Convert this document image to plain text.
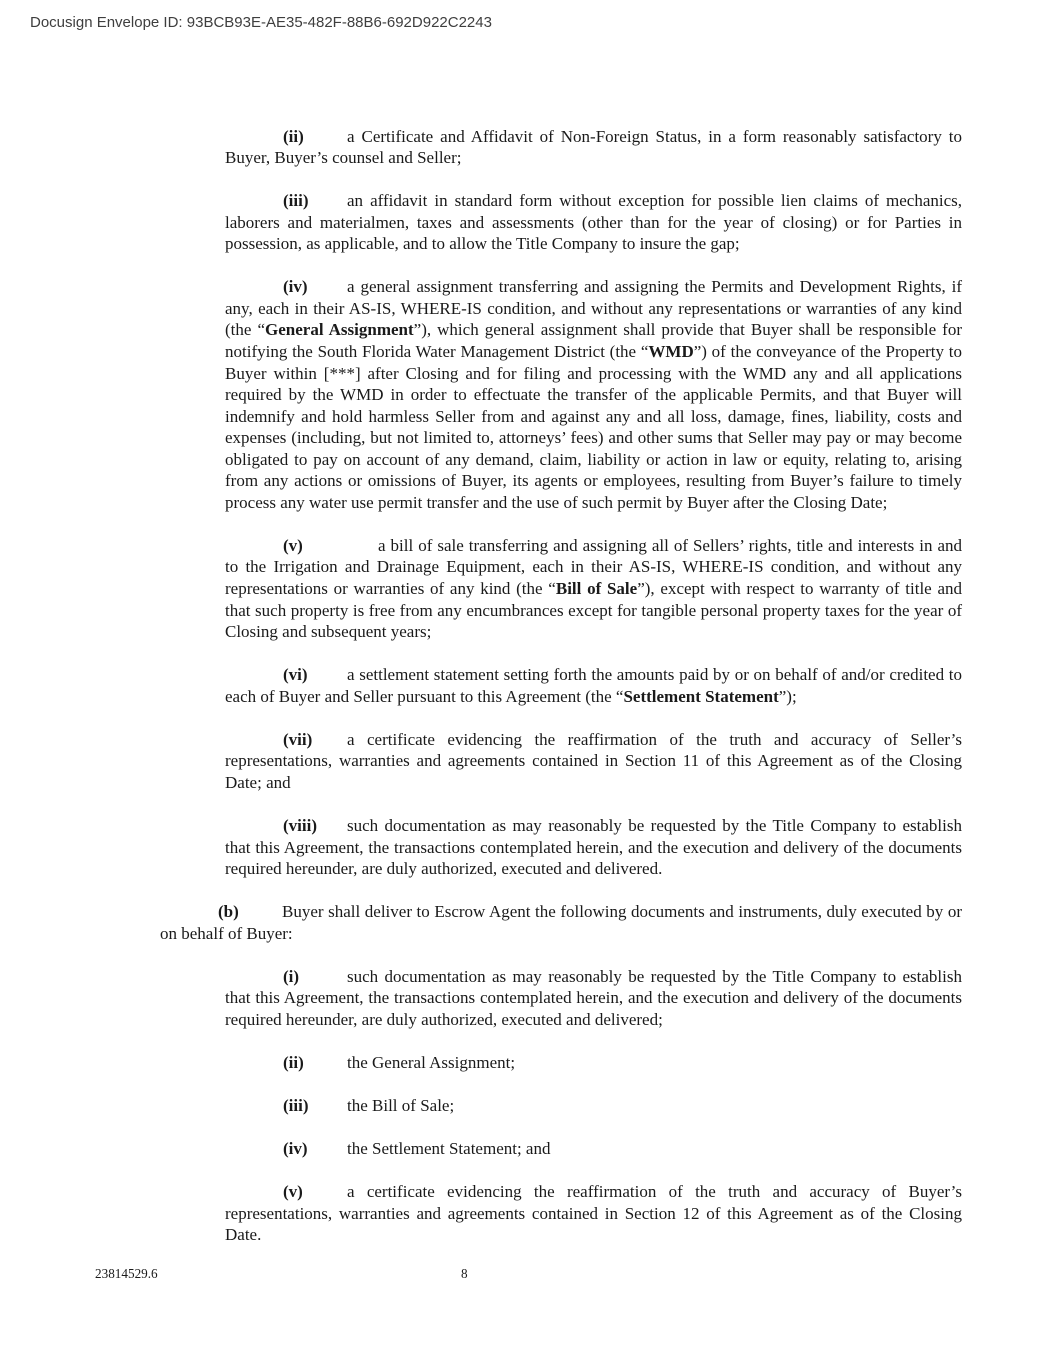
Docusign Envelope ID: 93BCB93E-AE35-482F-88B6-692D922C2243

(ii)	a Certificate and Affidavit of Non-Foreign Status, in a form reasonably satisfactory to Buyer, Buyer’s counsel and Seller;

(iii) an affidavit in standard form without exception for possible lien claims of mechanics, laborers and materialmen, taxes and assessments (other than for the year of closing) or for Parties in possession, as applicable, and to allow the Title Company to insure the gap;

(iv) a general assignment transferring and assigning the Permits and Development Rights, if any, each in their AS-IS, WHERE-IS condition, and without any representations or warranties of any kind (the “General Assignment”), which general assignment shall provide that Buyer shall be responsible for notifying the South Florida Water Management District (the “WMD”) of the conveyance of the Property to Buyer within [***] after Closing and for filing and processing with the WMD any and all applications required by the WMD in order to effectuate the transfer of the applicable Permits, and that Buyer will indemnify and hold harmless Seller from and against any and all loss, damage, fines, liability, costs and expenses (including, but not limited to, attorneys’ fees) and other sums that Seller may pay or may become obligated to pay on account of any demand, claim, liability or action in law or equity, relating to, arising from any actions or omissions of Buyer, its agents or employees, resulting from Buyer’s failure to timely process any water use permit transfer and the use of such permit by Buyer after the Closing Date;

(v)	a bill of sale transferring and assigning all of Sellers’ rights, title and interests in and to the Irrigation and Drainage Equipment, each in their AS-IS, WHERE-IS condition, and without any representations or warranties of any kind (the “Bill of Sale”), except with respect to warranty of title and that such property is free from any encumbrances except for tangible personal property taxes for the year of Closing and subsequent years;

(vi) a settlement statement setting forth the amounts paid by or on behalf of and/or credited to each of Buyer and Seller pursuant to this Agreement (the “Settlement Statement”);

(vii) a certificate evidencing the reaffirmation of the truth and accuracy of Seller’s representations, warranties and agreements contained in Section 11 of this Agreement as of the Closing Date; and

(viii) such documentation as may reasonably be requested by the Title Company to establish that this Agreement, the transactions contemplated herein, and the execution and delivery of the documents required hereunder, are duly authorized, executed and delivered.

(b)	Buyer shall deliver to Escrow Agent the following documents and instruments, duly executed by or on behalf of Buyer:

(i)	such documentation as may reasonably be requested by the Title Company to establish that this Agreement, the transactions contemplated herein, and the execution and delivery of the documents required hereunder, are duly authorized, executed and delivered;

(ii)	the General Assignment;

(iii) the Bill of Sale;

(iv) the Settlement Statement; and

(v)	a certificate evidencing the reaffirmation of the truth and accuracy of Buyer’s representations, warranties and agreements contained in Section 12 of this Agreement as of the Closing Date.

23814529.6	8
